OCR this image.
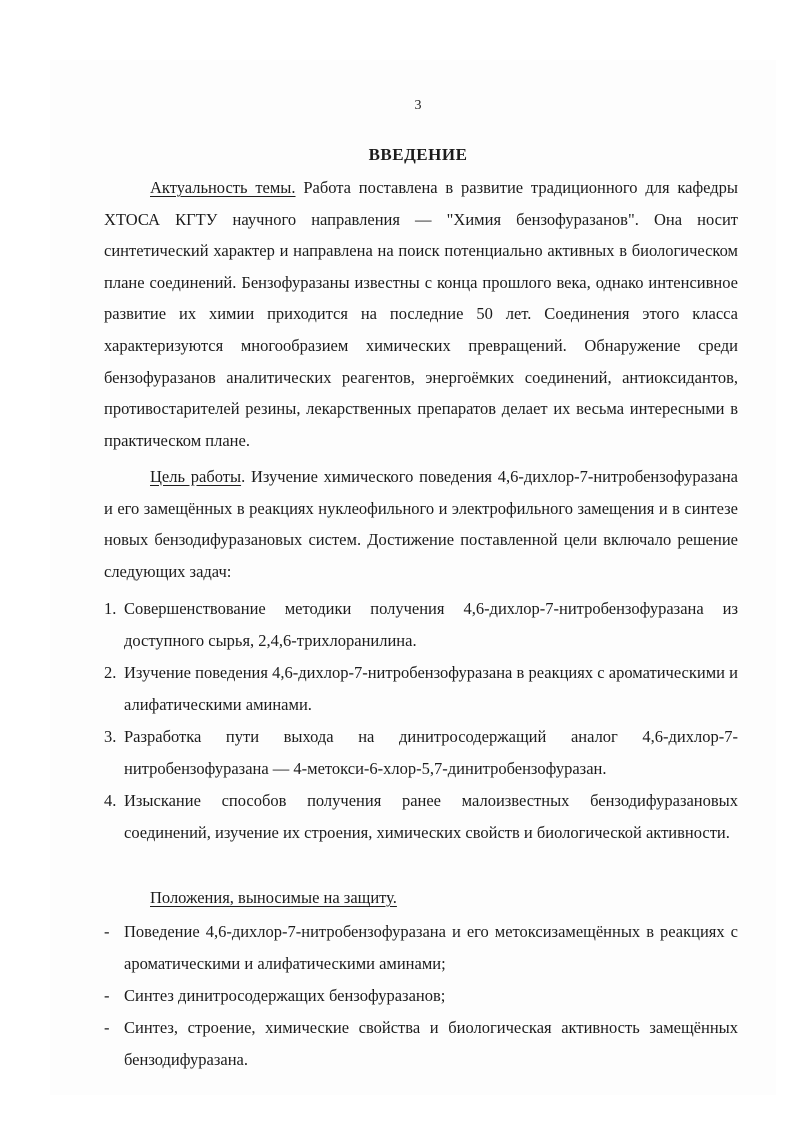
3
ВВЕДЕНИЕ
Актуальность темы. Работа поставлена в развитие традиционного для кафедры ХТОСА КГТУ научного направления — "Химия бензофуразанов". Она носит синтетический характер и направлена на поиск потенциально активных в биологическом плане соединений. Бензофуразаны известны с конца прошлого века, однако интенсивное развитие их химии приходится на последние 50 лет. Соединения этого класса характеризуются многообразием химических превращений. Обнаружение среди бензофуразанов аналитических реагентов, энергоёмких соединений, антиоксидантов, противостарителей резины, лекарственных препаратов делает их весьма интересными в практическом плане.
Цель работы. Изучение химического поведения 4,6-дихлор-7-нитробензофуразана и его замещённых в реакциях нуклеофильного и электрофильного замещения и в синтезе новых бензодифуразановых систем. Достижение поставленной цели включало решение следующих задач:
1. Совершенствование методики получения 4,6-дихлор-7-нитробензофуразана из доступного сырья, 2,4,6-трихлоранилина.
2. Изучение поведения 4,6-дихлор-7-нитробензофуразана в реакциях с ароматическими и алифатическими аминами.
3. Разработка пути выхода на динитросодержащий аналог 4,6-дихлор-7-нитробензофуразана — 4-метокси-6-хлор-5,7-динитробензофуразан.
4. Изыскание способов получения ранее малоизвестных бензодифуразановых соединений, изучение их строения, химических свойств и биологической активности.
Положения, выносимые на защиту.
- Поведение 4,6-дихлор-7-нитробензофуразана и его метоксизамещённых в реакциях с ароматическими и алифатическими аминами;
- Синтез динитросодержащих бензофуразанов;
- Синтез, строение, химические свойства и биологическая активность замещённых бензодифуразана.
